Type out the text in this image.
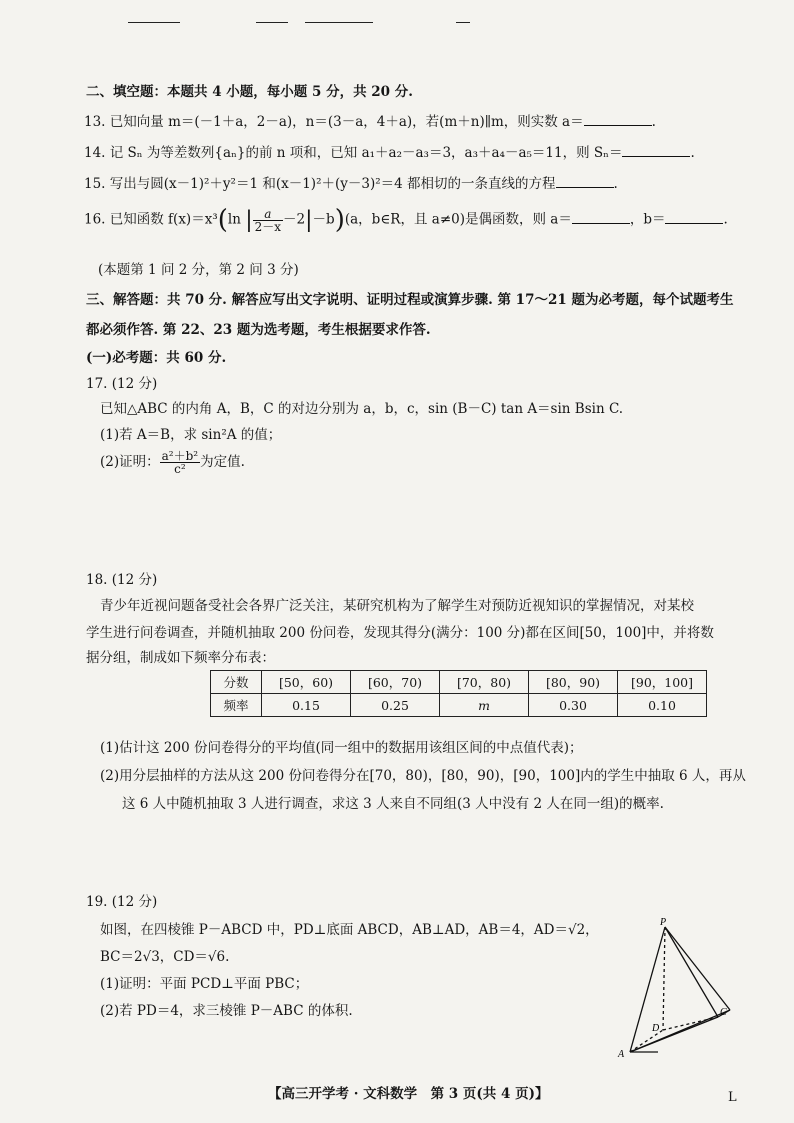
二、填空题：本题共 4 小题，每小题 5 分，共 20 分.
13. 已知向量 m＝(－1＋a，2－a)，n＝(3－a，4＋a)，若(m＋n)∥m，则实数 a＝	.
14. 记 Sₙ 为等差数列{aₙ}的前 n 项和，已知 a₁＋a₂－a₃＝3，a₃＋a₄－a₅＝11，则 Sₙ＝	.
15. 写出与圆(x－1)²＋y²＝1 和(x－1)²＋(y－3)²＝4 都相切的一条直线的方程	.
16. 已知函数 f(x)＝x³(ln | $\frac{a}{2-x} -2|-b)(a$，b∈R，且 a≠0)是偶函数，则 a＝	，b＝	.
(本题第 1 问 2 分，第 2 问 3 分)
三、解答题：共 70 分. 解答应写出文字说明、证明过程或演算步骤. 第 17～21 题为必考题，每个试题考生
都必须作答. 第 22、23 题为选考题，考生根据要求作答.
(一)必考题：共 60 分.
17. (12 分)
已知△ABC 的内角 A，B，C 的对边分别为 a，b，c，sin (B－C) tan A＝sin Bsin C.
(1)若 A＝B，求 sin²A 的值；
(2)证明： $\frac{\text{a²＋b²}}{\text{c²}}$ 为定值.
18. (12 分)
青少年近视问题备受社会各界广泛关注，某研究机构为了解学生对预防近视知识的掌握情况，对某校
学生进行问卷调查，并随机抽取 200 份问卷，发现其得分(满分：100 分)都在区间[50，100]中，并将数
据分组，制成如下频率分布表：
分数	[50，60)	[60，70)	[70，80)	[80，90)	[90，100]
频率	0.15	0.25	m	0.30	0.10
(1)估计这 200 份问卷得分的平均值(同一组中的数据用该组区间的中点值代表)；
(2)用分层抽样的方法从这 200 份问卷得分在[70，80)，[80，90)，[90，100]内的学生中抽取 6 人，再从
这 6 人中随机抽取 3 人进行调查，求这 3 人来自不同组(3 人中没有 2 人在同一组)的概率.
19. (12 分)
如图，在四棱锥 P－ABCD 中，PD⊥底面 ABCD，AB⊥AD，AB＝4，AD＝√2，
BC＝2√3，CD＝√6.
(1)证明：平面 PCD⊥平面 PBC；
(2)若 PD＝4，求三棱锥 P－ABC 的体积.
P
C
D
A
【高三开学考 · 文科数学　第 3 页(共 4 页)】	L
